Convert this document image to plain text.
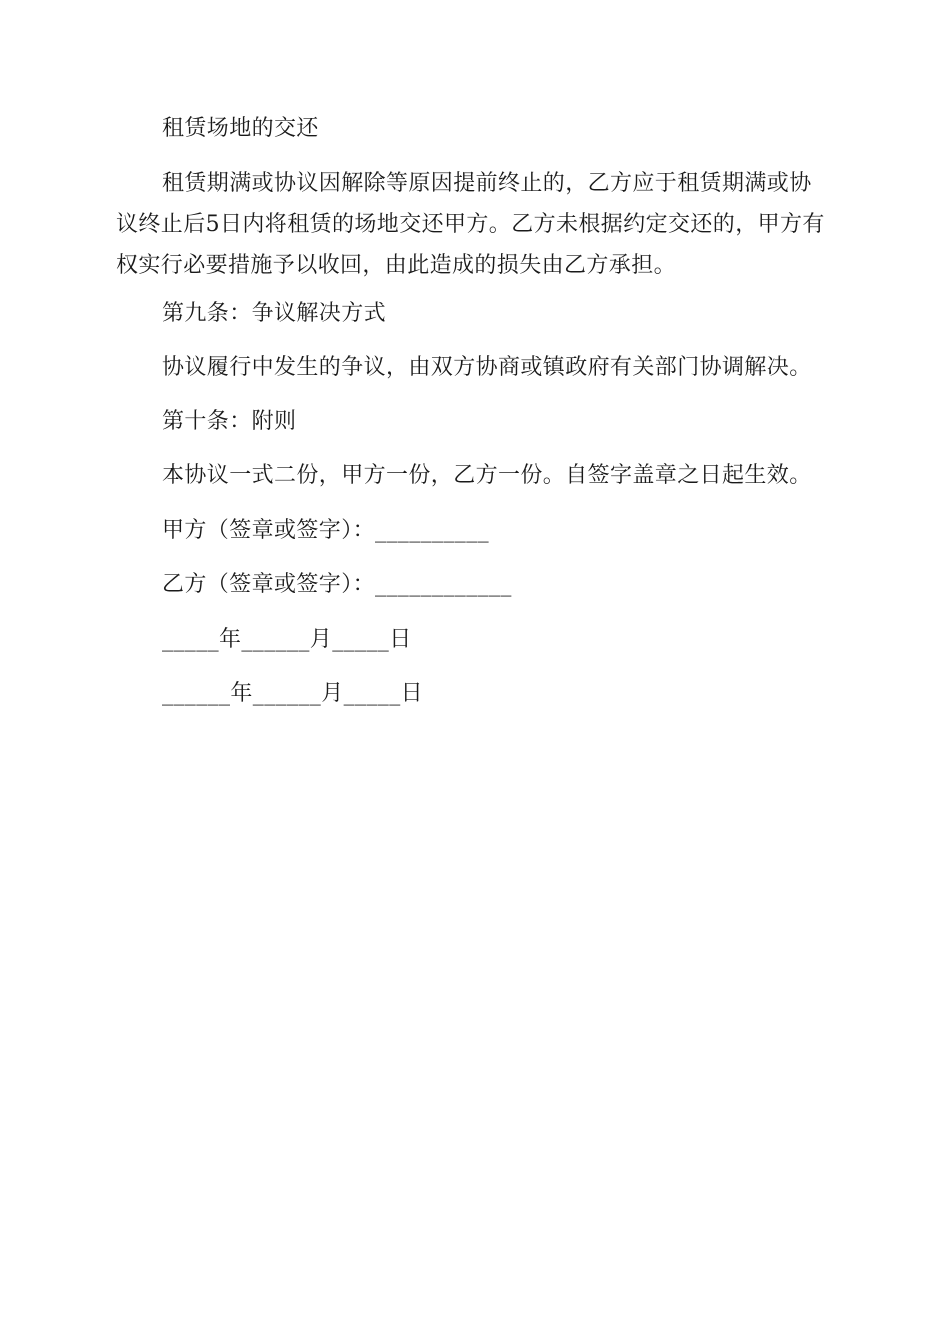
租赁场地的交还

租赁期满或协议因解除等原因提前终止的，乙方应于租赁期满或协议终止后5日内将租赁的场地交还甲方。乙方未根据约定交还的，甲方有权实行必要措施予以收回，由此造成的损失由乙方承担。

第九条：争议解决方式

协议履行中发生的争议，由双方协商或镇政府有关部门协调解决。

第十条：附则

本协议一式二份，甲方一份，乙方一份。自签字盖章之日起生效。

甲方（签章或签字）：__________

乙方（签章或签字）：____________

_____年______月_____日

______年______月_____日
